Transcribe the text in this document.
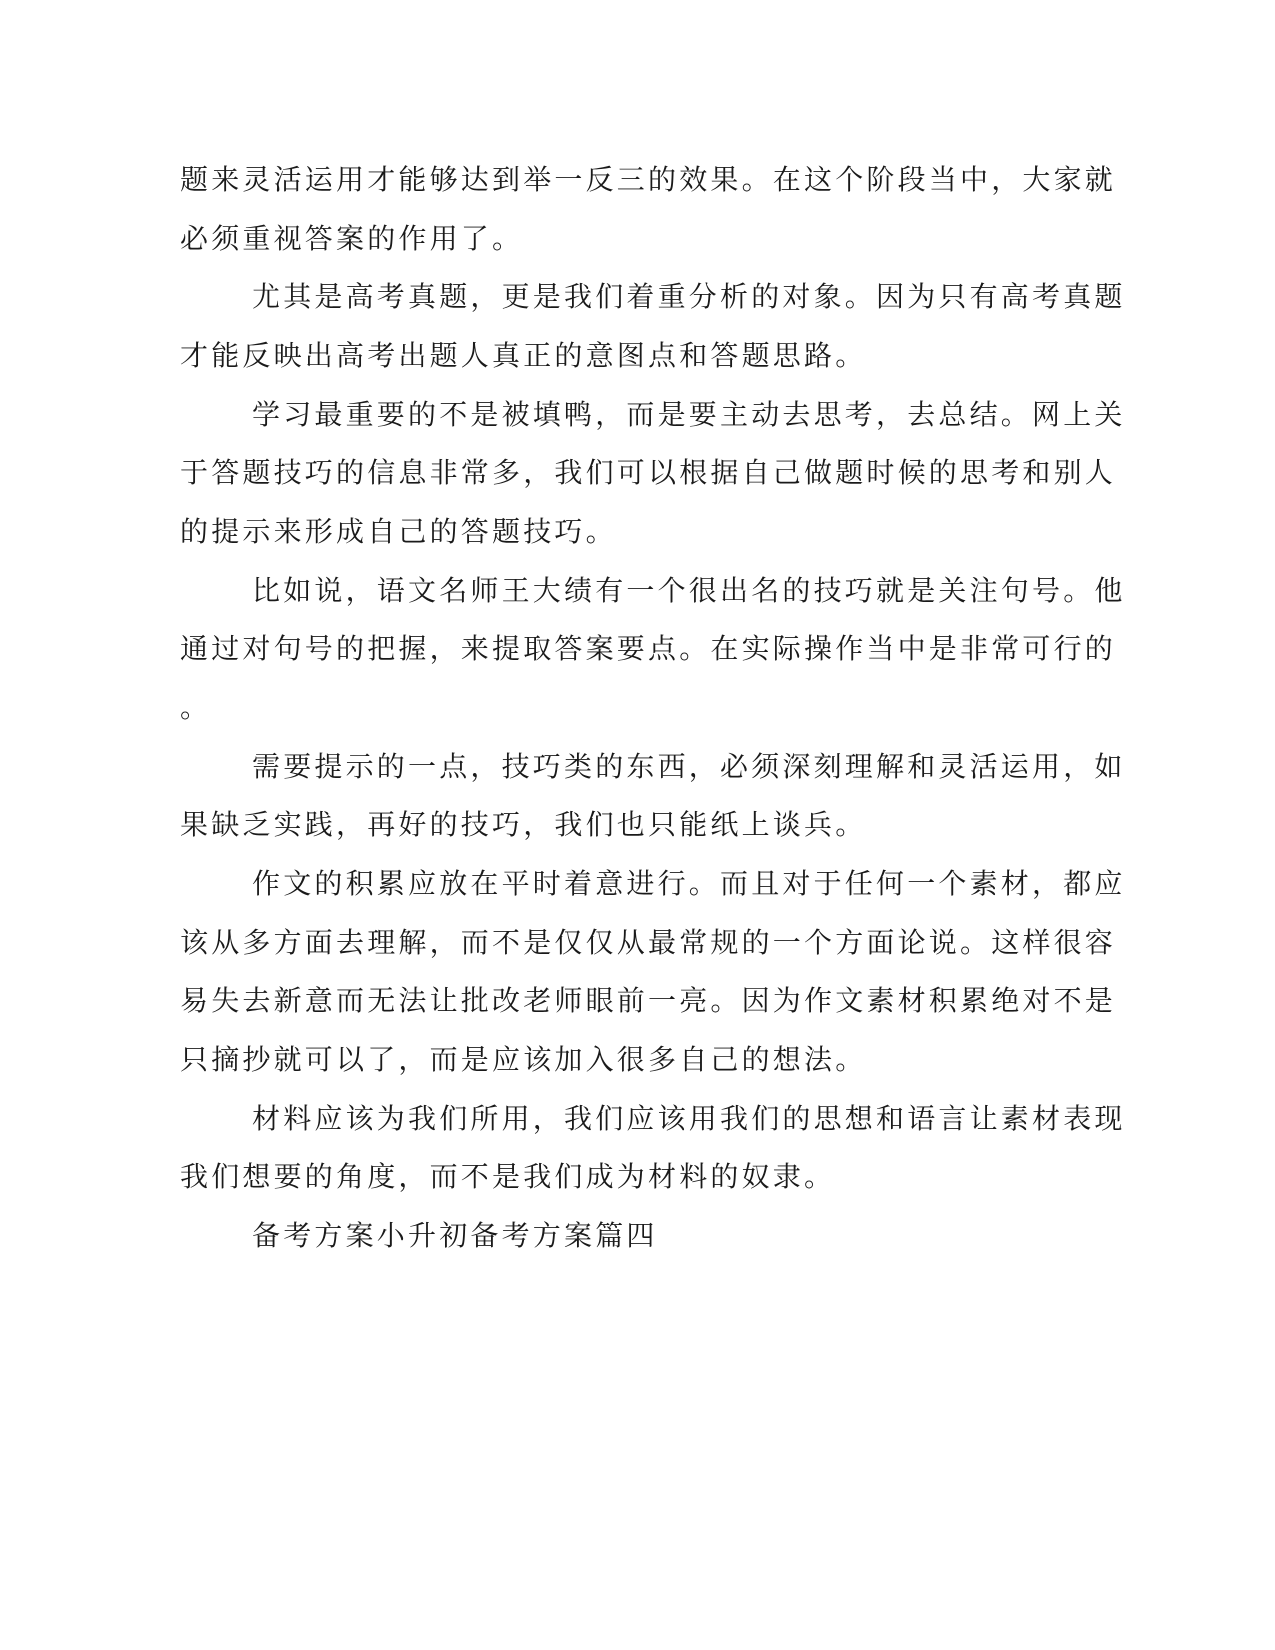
题来灵活运用才能够达到举一反三的效果。在这个阶段当中，大家就
必须重视答案的作用了。
尤其是高考真题，更是我们着重分析的对象。因为只有高考真题
才能反映出高考出题人真正的意图点和答题思路。
学习最重要的不是被填鸭，而是要主动去思考，去总结。网上关
于答题技巧的信息非常多，我们可以根据自己做题时候的思考和别人
的提示来形成自己的答题技巧。
比如说，语文名师王大绩有一个很出名的技巧就是关注句号。他
通过对句号的把握，来提取答案要点。在实际操作当中是非常可行的
。
需要提示的一点，技巧类的东西，必须深刻理解和灵活运用，如
果缺乏实践，再好的技巧，我们也只能纸上谈兵。
作文的积累应放在平时着意进行。而且对于任何一个素材，都应
该从多方面去理解，而不是仅仅从最常规的一个方面论说。这样很容
易失去新意而无法让批改老师眼前一亮。因为作文素材积累绝对不是
只摘抄就可以了，而是应该加入很多自己的想法。
材料应该为我们所用，我们应该用我们的思想和语言让素材表现
我们想要的角度，而不是我们成为材料的奴隶。
备考方案小升初备考方案篇四
